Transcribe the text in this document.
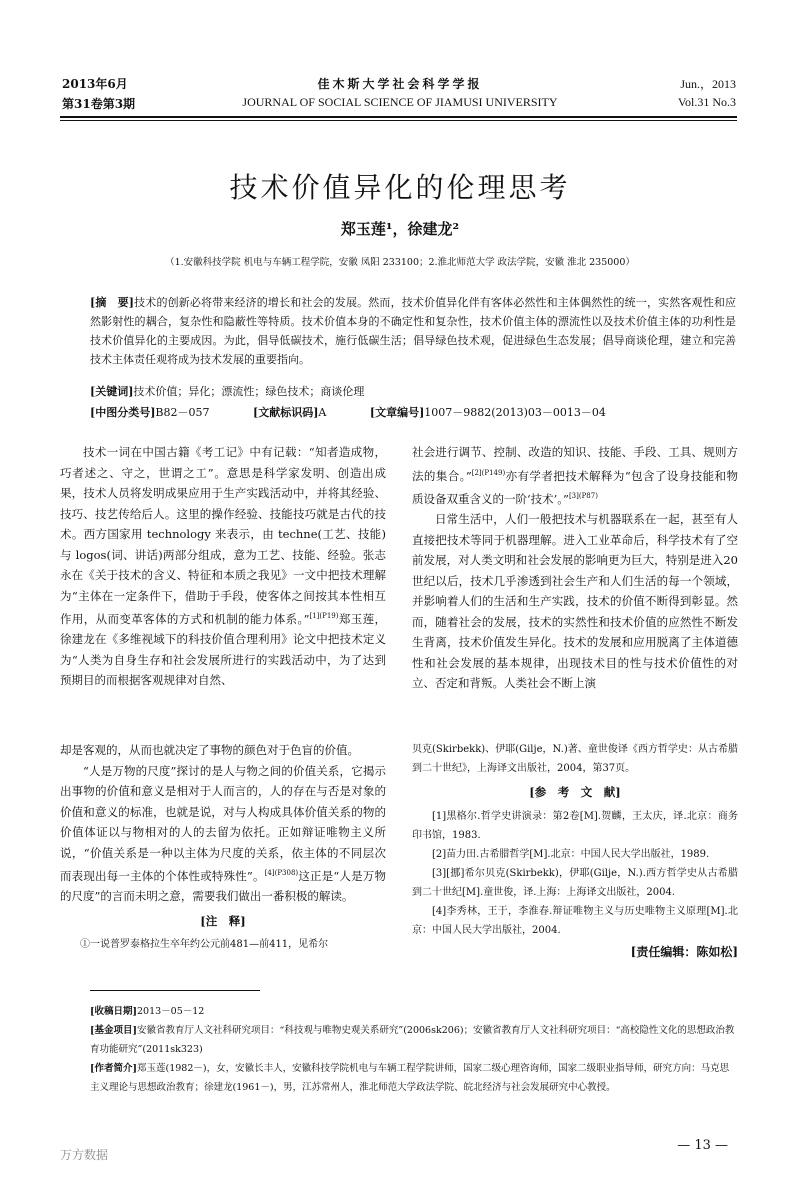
2013年6月
第31卷第3期
佳木斯大学社会科学学报
JOURNAL OF SOCIAL SCIENCE OF JIAMUSI UNIVERSITY
Jun.，2013
Vol.31 No.3
技术价值异化的伦理思考
郑玉莲¹，徐建龙²
（1.安徽科技学院 机电与车辆工程学院，安徽 凤阳 233100；2.淮北师范大学 政法学院，安徽 淮北 235000）
[摘　要]技术的创新必将带来经济的增长和社会的发展。然而，技术价值异化伴有客体必然性和主体偶然性的统一，实然客观性和应然影射性的耦合，复杂性和隐蔽性等特质。技术价值本身的不确定性和复杂性，技术价值主体的漂流性以及技术价值主体的功利性是技术价值异化的主要成因。为此，倡导低碳技术，施行低碳生活；倡导绿色技术观，促进绿色生态发展；倡导商谈伦理，建立和完善技术主体责任观将成为技术发展的重要指向。
[关键词]技术价值；异化；漂流性；绿色技术；商谈伦理
[中图分类号]B82－057	[文献标识码]A	[文章编号]1007－9882(2013)03－0013－04

技术一词在中国古籍《考工记》中有记载：“知者造成物，巧者述之、守之，世谓之工”。意思是科学家发明、创造出成果，技术人员将发明成果应用于生产实践活动中，并将其经验、技巧、技艺传给后人。这里的操作经验、技能技巧就是古代的技术。西方国家用 technology 来表示，由 techne(工艺、技能)与 logos(词、讲话)两部分组成，意为工艺、技能、经验。张志永在《关于技术的含义、特征和本质之我见》一文中把技术理解为“主体在一定条件下，借助于手段，使客体之间按其本性相互作用，从而变革客体的方式和机制的能力体系。”$^{[1](P19)}$郑玉莲，徐建龙在《多维视域下的科技价值合理利用》论文中把技术定义为“人类为自身生存和社会发展所进行的实践活动中，为了达到预期目的而根据客观规律对自然、

社会进行调节、控制、改造的知识、技能、手段、工具、规则方法的集合。”$^{[2](P149)}$亦有学者把技术解释为“包含了设身技能和物质设备双重含义的一阶‘技术’。”$^{[3](P87)}$

日常生活中，人们一般把技术与机器联系在一起，甚至有人直接把技术等同于机器理解。进入工业革命后，科学技术有了空前发展，对人类文明和社会发展的影响更为巨大，特别是进入20世纪以后，技术几乎渗透到社会生产和人们生活的每一个领域，并影响着人们的生活和生产实践，技术的价值不断得到彰显。然而，随着社会的发展，技术的实然性和技术价值的应然性不断发生背离，技术价值发生异化。技术的发展和应用脱离了主体道德性和社会发展的基本规律，出现技术目的性与技术价值性的对立、否定和背叛。人类社会不断上演

却是客观的，从而也就决定了事物的颜色对于色盲的价值。

“人是万物的尺度”探讨的是人与物之间的价值关系，它揭示出事物的价值和意义是相对于人而言的，人的存在与否是对象的价值和意义的标准，也就是说，对与人构成具体价值关系的物的价值体证以与物相对的人的去留为依托。正如辩证唯物主义所说，“价值关系是一种以主体为尺度的关系，依主体的不同层次而表现出每一主体的个体性或特殊性”。$^{[4](P308)}$这正是“人是万物的尺度”的言而未明之意，需要我们做出一番积极的解读。

[注　释]

①一说普罗泰格拉生卒年约公元前481—前411，见希尔

贝克(Skirbekk)、伊耶(Gilje，N.)著、童世俊译《西方哲学史：从古希腊到二十世纪》，上海译文出版社，2004，第37页。

[参　考　文　献]

[1]黑格尔.哲学史讲演录：第2卷[M].贺麟，王太庆，译.北京：商务印书馆，1983.

[2]苗力田.古希腊哲学[M].北京：中国人民大学出版社，1989.

[3][挪]希尔贝克(Skirbekk)，伊耶(Gilje，N.).西方哲学史从古希腊到二十世纪[M].童世俊，译.上海：上海译文出版社，2004.

[4]李秀林，王于，李淮春.辩证唯物主义与历史唯物主义原理[M].北京：中国人民大学出版社，2004.

[责任编辑：陈如松]

[收稿日期]2013－05－12

[基金项目]安徽省教育厅人文社科研究项目：“科技观与唯物史观关系研究”(2006sk206)；安徽省教育厅人文社科研究项目：“高校隐性文化的思想政治教育功能研究”(2011sk323)

[作者简介]郑玉莲(1982－)，女，安徽长丰人，安徽科技学院机电与车辆工程学院讲师，国家二级心理咨询师，国家二级职业指导师，研究方向：马克思主义理论与思想政治教育；徐建龙(1961－)，男，江苏常州人，淮北师范大学政法学院、皖北经济与社会发展研究中心教授。

— 13 —
万方数据
